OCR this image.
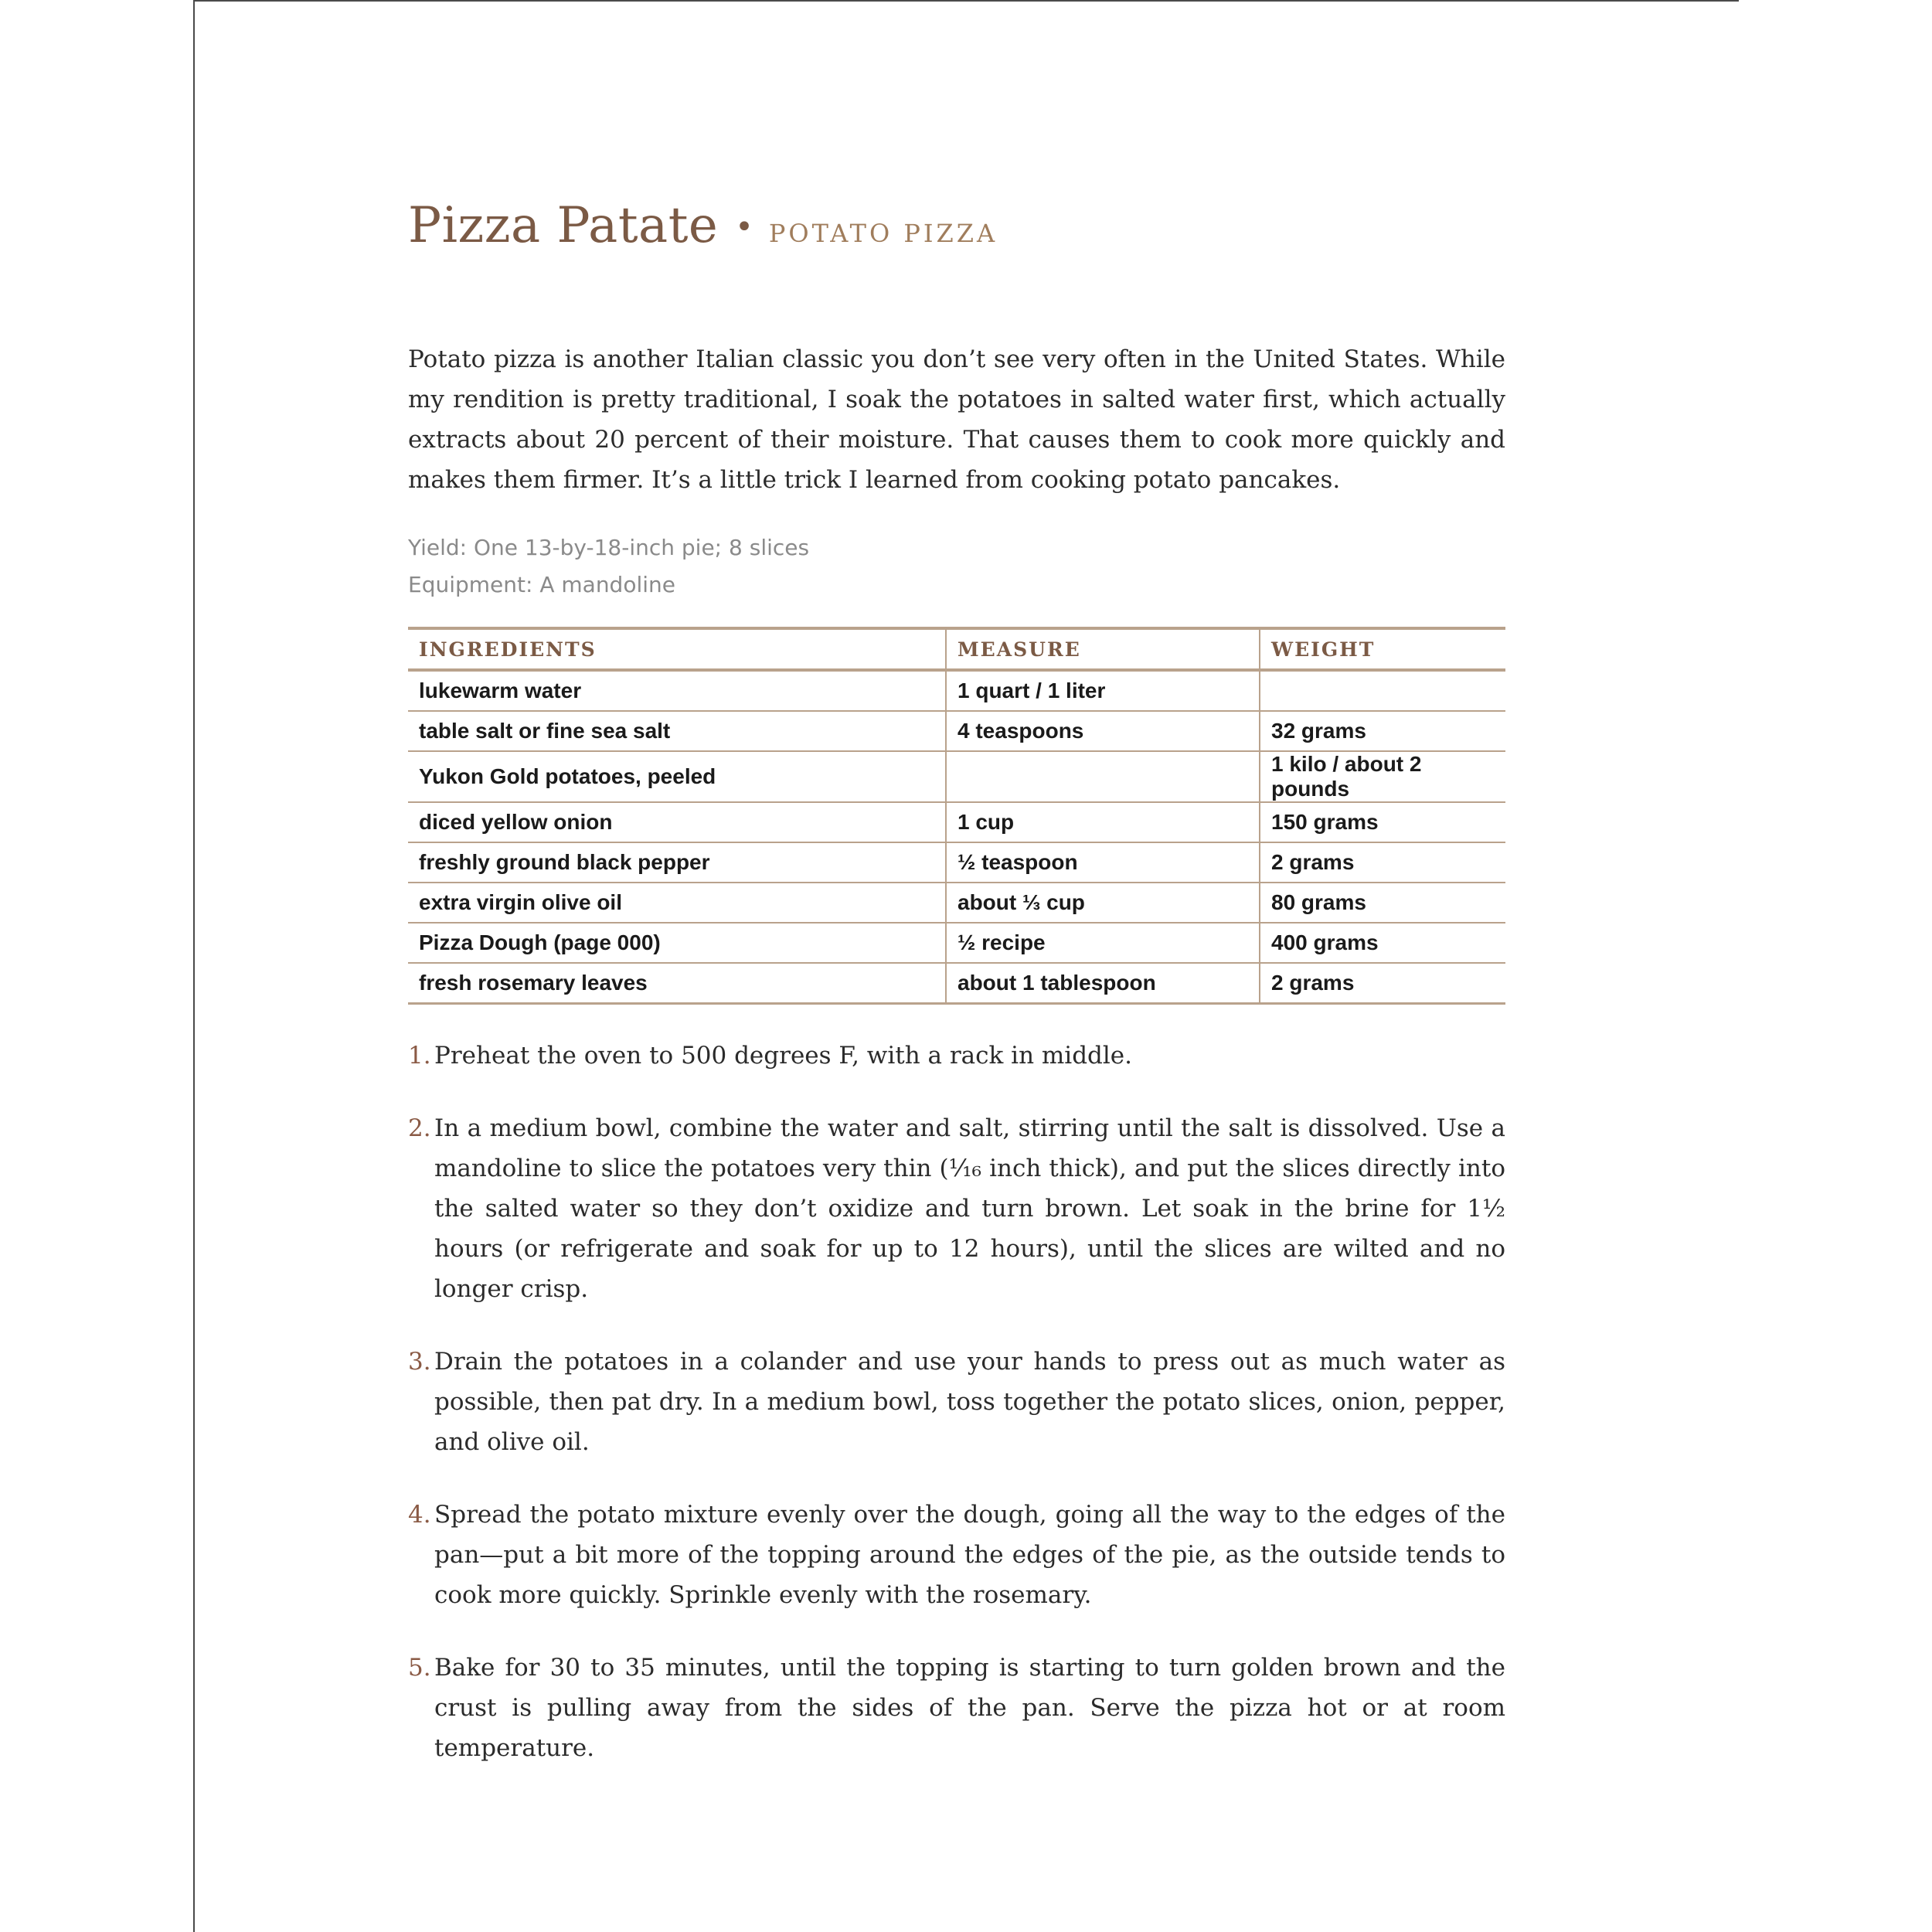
Pizza Patate • POTATO PIZZA

Potato pizza is another Italian classic you don’t see very often in the United States. While my rendition is pretty traditional, I soak the potatoes in salted water first, which actually extracts about 20 percent of their moisture. That causes them to cook more quickly and makes them firmer. It’s a little trick I learned from cooking potato pancakes.

Yield: One 13-by-18-inch pie; 8 slices
Equipment: A mandoline
INGREDIENTS	MEASURE	WEIGHT
lukewarm water	1 quart / 1 liter	
table salt or fine sea salt	4 teaspoons	32 grams
Yukon Gold potatoes, peeled		1 kilo / about 2 pounds
diced yellow onion	1 cup	150 grams
freshly ground black pepper	½ teaspoon	2 grams
extra virgin olive oil	about ⅓ cup	80 grams
Pizza Dough (page 000)	½ recipe	400 grams
fresh rosemary leaves	about 1 tablespoon	2 grams
1. Preheat the oven to 500 degrees F, with a rack in middle.
2. In a medium bowl, combine the water and salt, stirring until the salt is dissolved. Use a mandoline to slice the potatoes very thin (¹⁄₁₆ inch thick), and put the slices directly into the salted water so they don’t oxidize and turn brown. Let soak in the brine for 1½ hours (or refrigerate and soak for up to 12 hours), until the slices are wilted and no longer crisp.
3. Drain the potatoes in a colander and use your hands to press out as much water as possible, then pat dry. In a medium bowl, toss together the potato slices, onion, pepper, and olive oil.
4. Spread the potato mixture evenly over the dough, going all the way to the edges of the pan—put a bit more of the topping around the edges of the pie, as the outside tends to cook more quickly. Sprinkle evenly with the rosemary.
5. Bake for 30 to 35 minutes, until the topping is starting to turn golden brown and the crust is pulling away from the sides of the pan. Serve the pizza hot or at room temperature.
